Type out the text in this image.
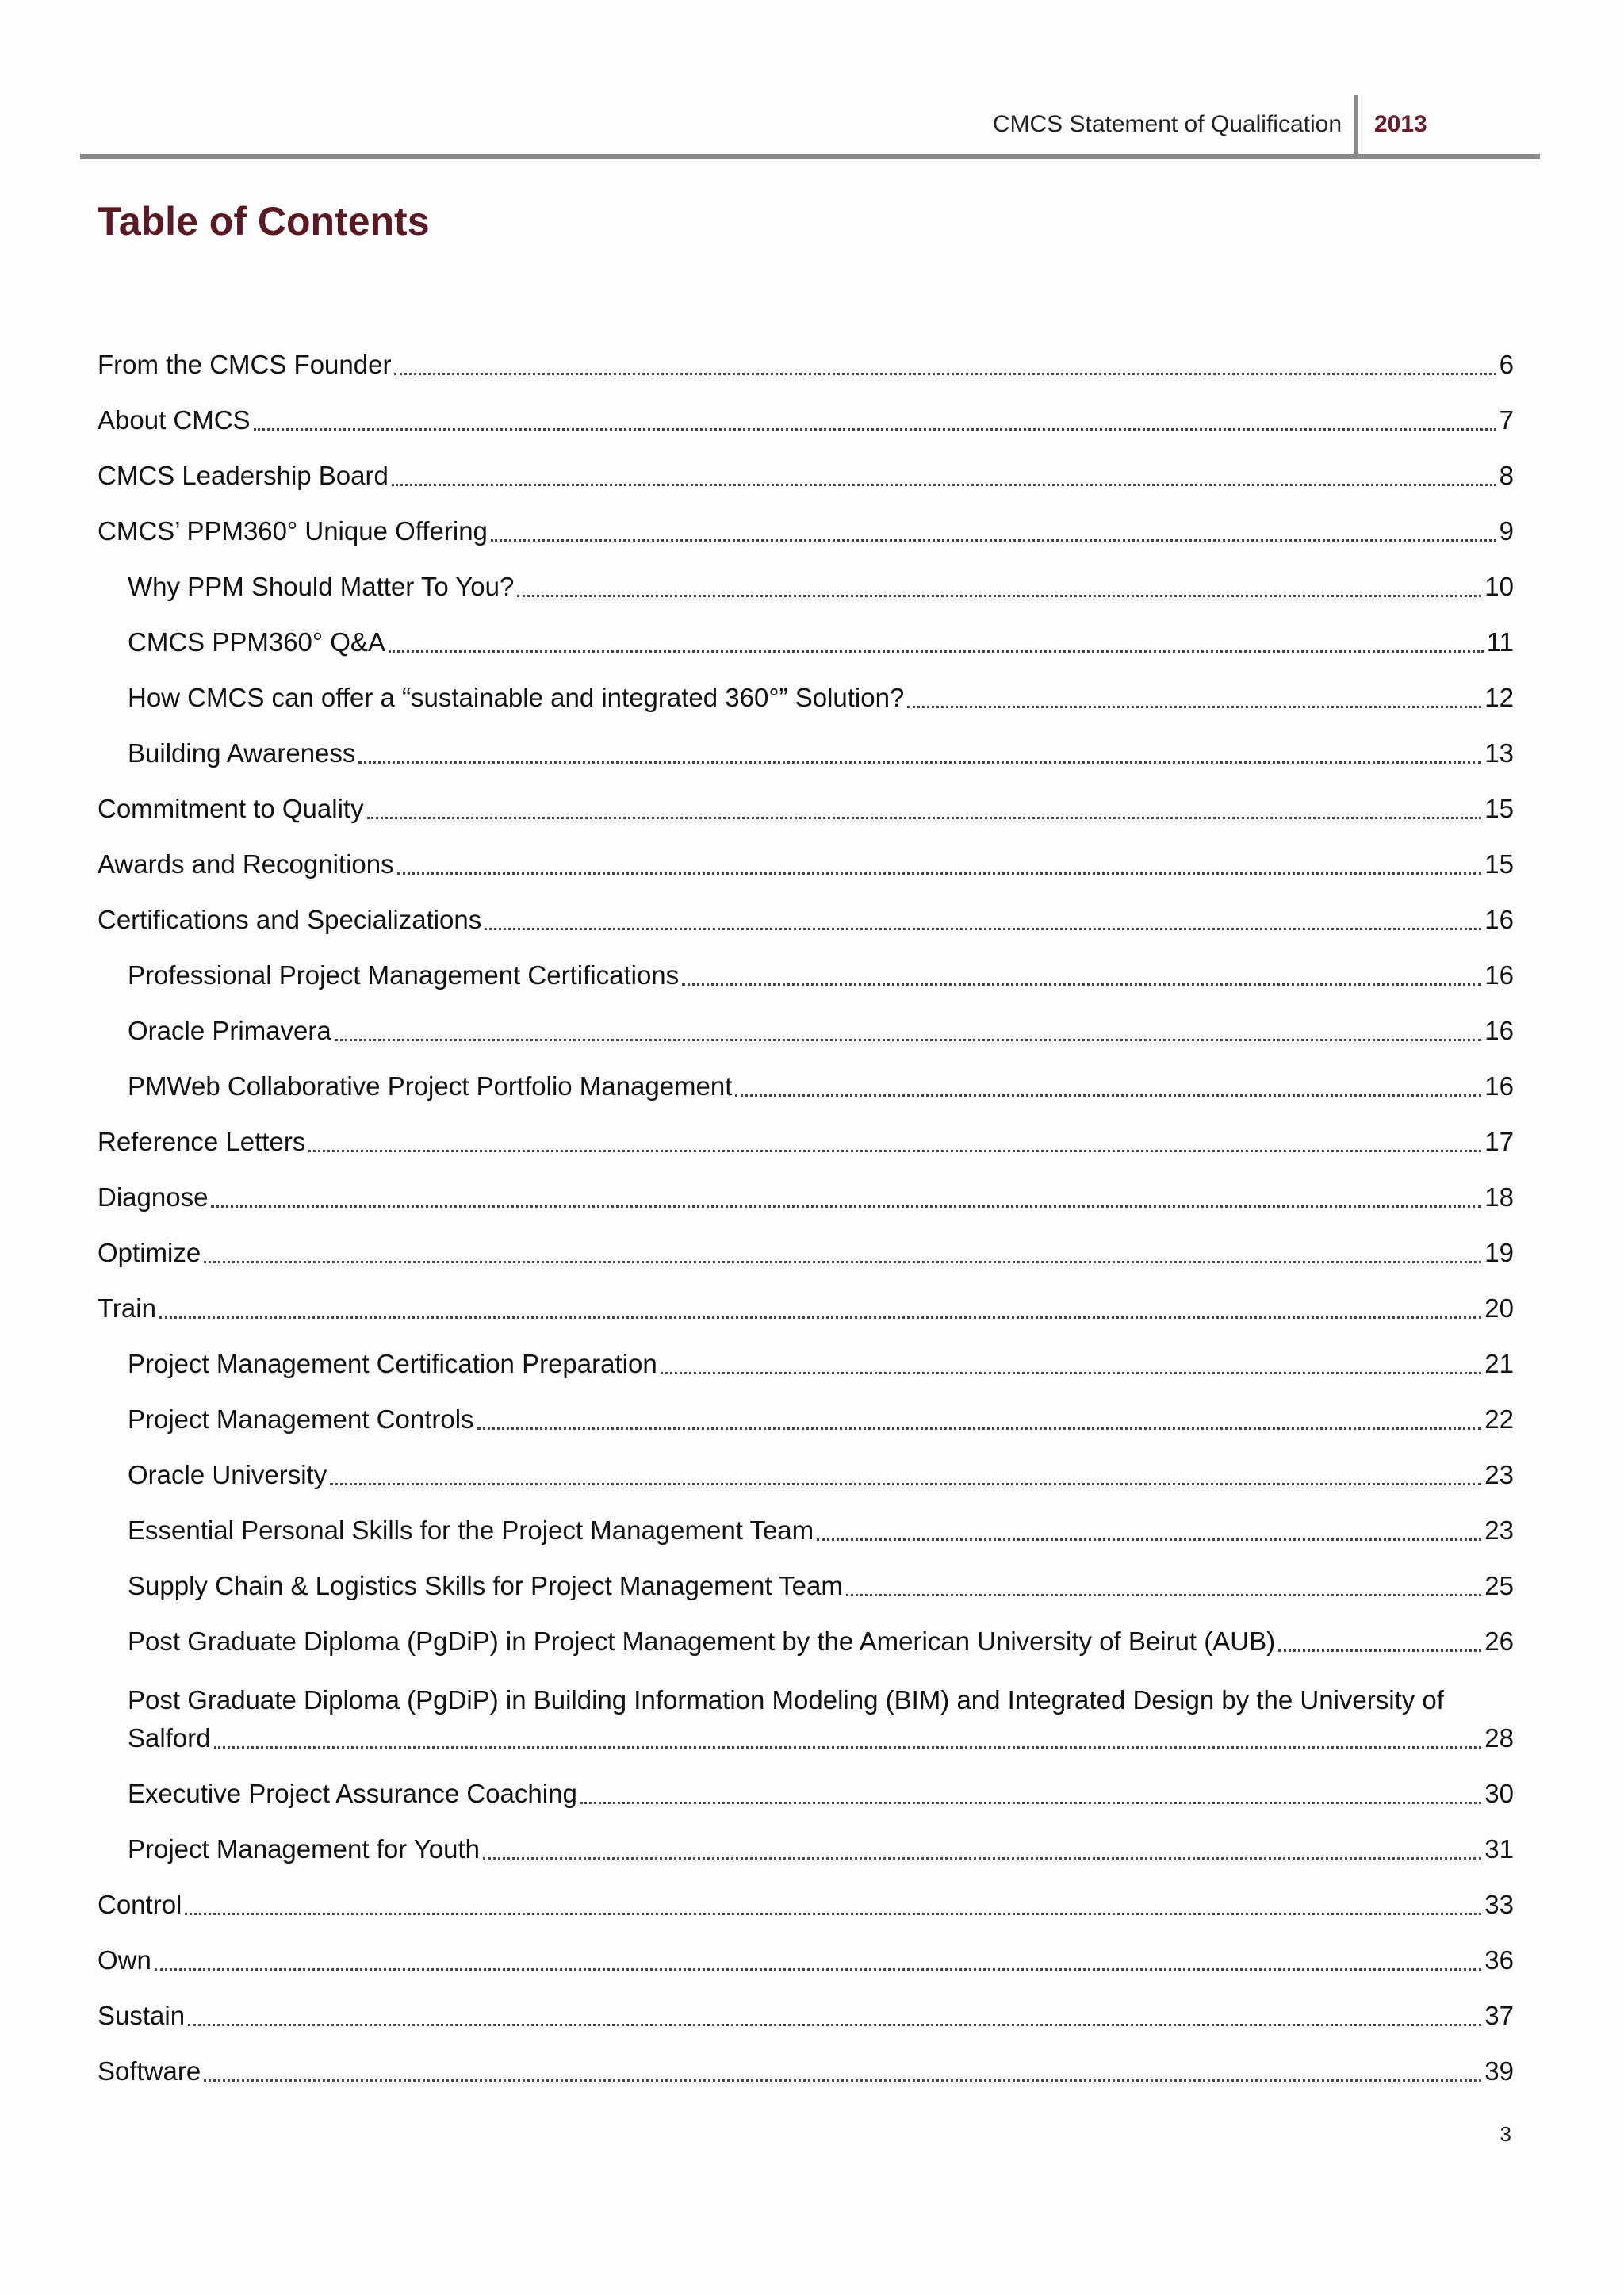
CMCS Statement of Qualification 2013
Table of Contents
From the CMCS Founder	6
About CMCS	7
CMCS Leadership Board	8
CMCS’ PPM360° Unique Offering	9
Why PPM Should Matter To You?	10
CMCS PPM360° Q&A	11
How CMCS can offer a “sustainable and integrated 360°” Solution?	12
Building Awareness	13
Commitment to Quality	15
Awards and Recognitions	15
Certifications and Specializations	16
Professional Project Management Certifications	16
Oracle Primavera	16
PMWeb Collaborative Project Portfolio Management	16
Reference Letters	17
Diagnose	18
Optimize	19
Train	20
Project Management Certification Preparation	21
Project Management Controls	22
Oracle University	23
Essential Personal Skills for the Project Management Team	23
Supply Chain & Logistics Skills for Project Management Team	25
Post Graduate Diploma (PgDiP) in Project Management by the American University of Beirut (AUB)	26
Post Graduate Diploma (PgDiP) in Building Information Modeling (BIM) and Integrated Design by the University of
Salford	28
Executive Project Assurance Coaching	30
Project Management for Youth	31
Control	33
Own	36
Sustain	37
Software	39
3
